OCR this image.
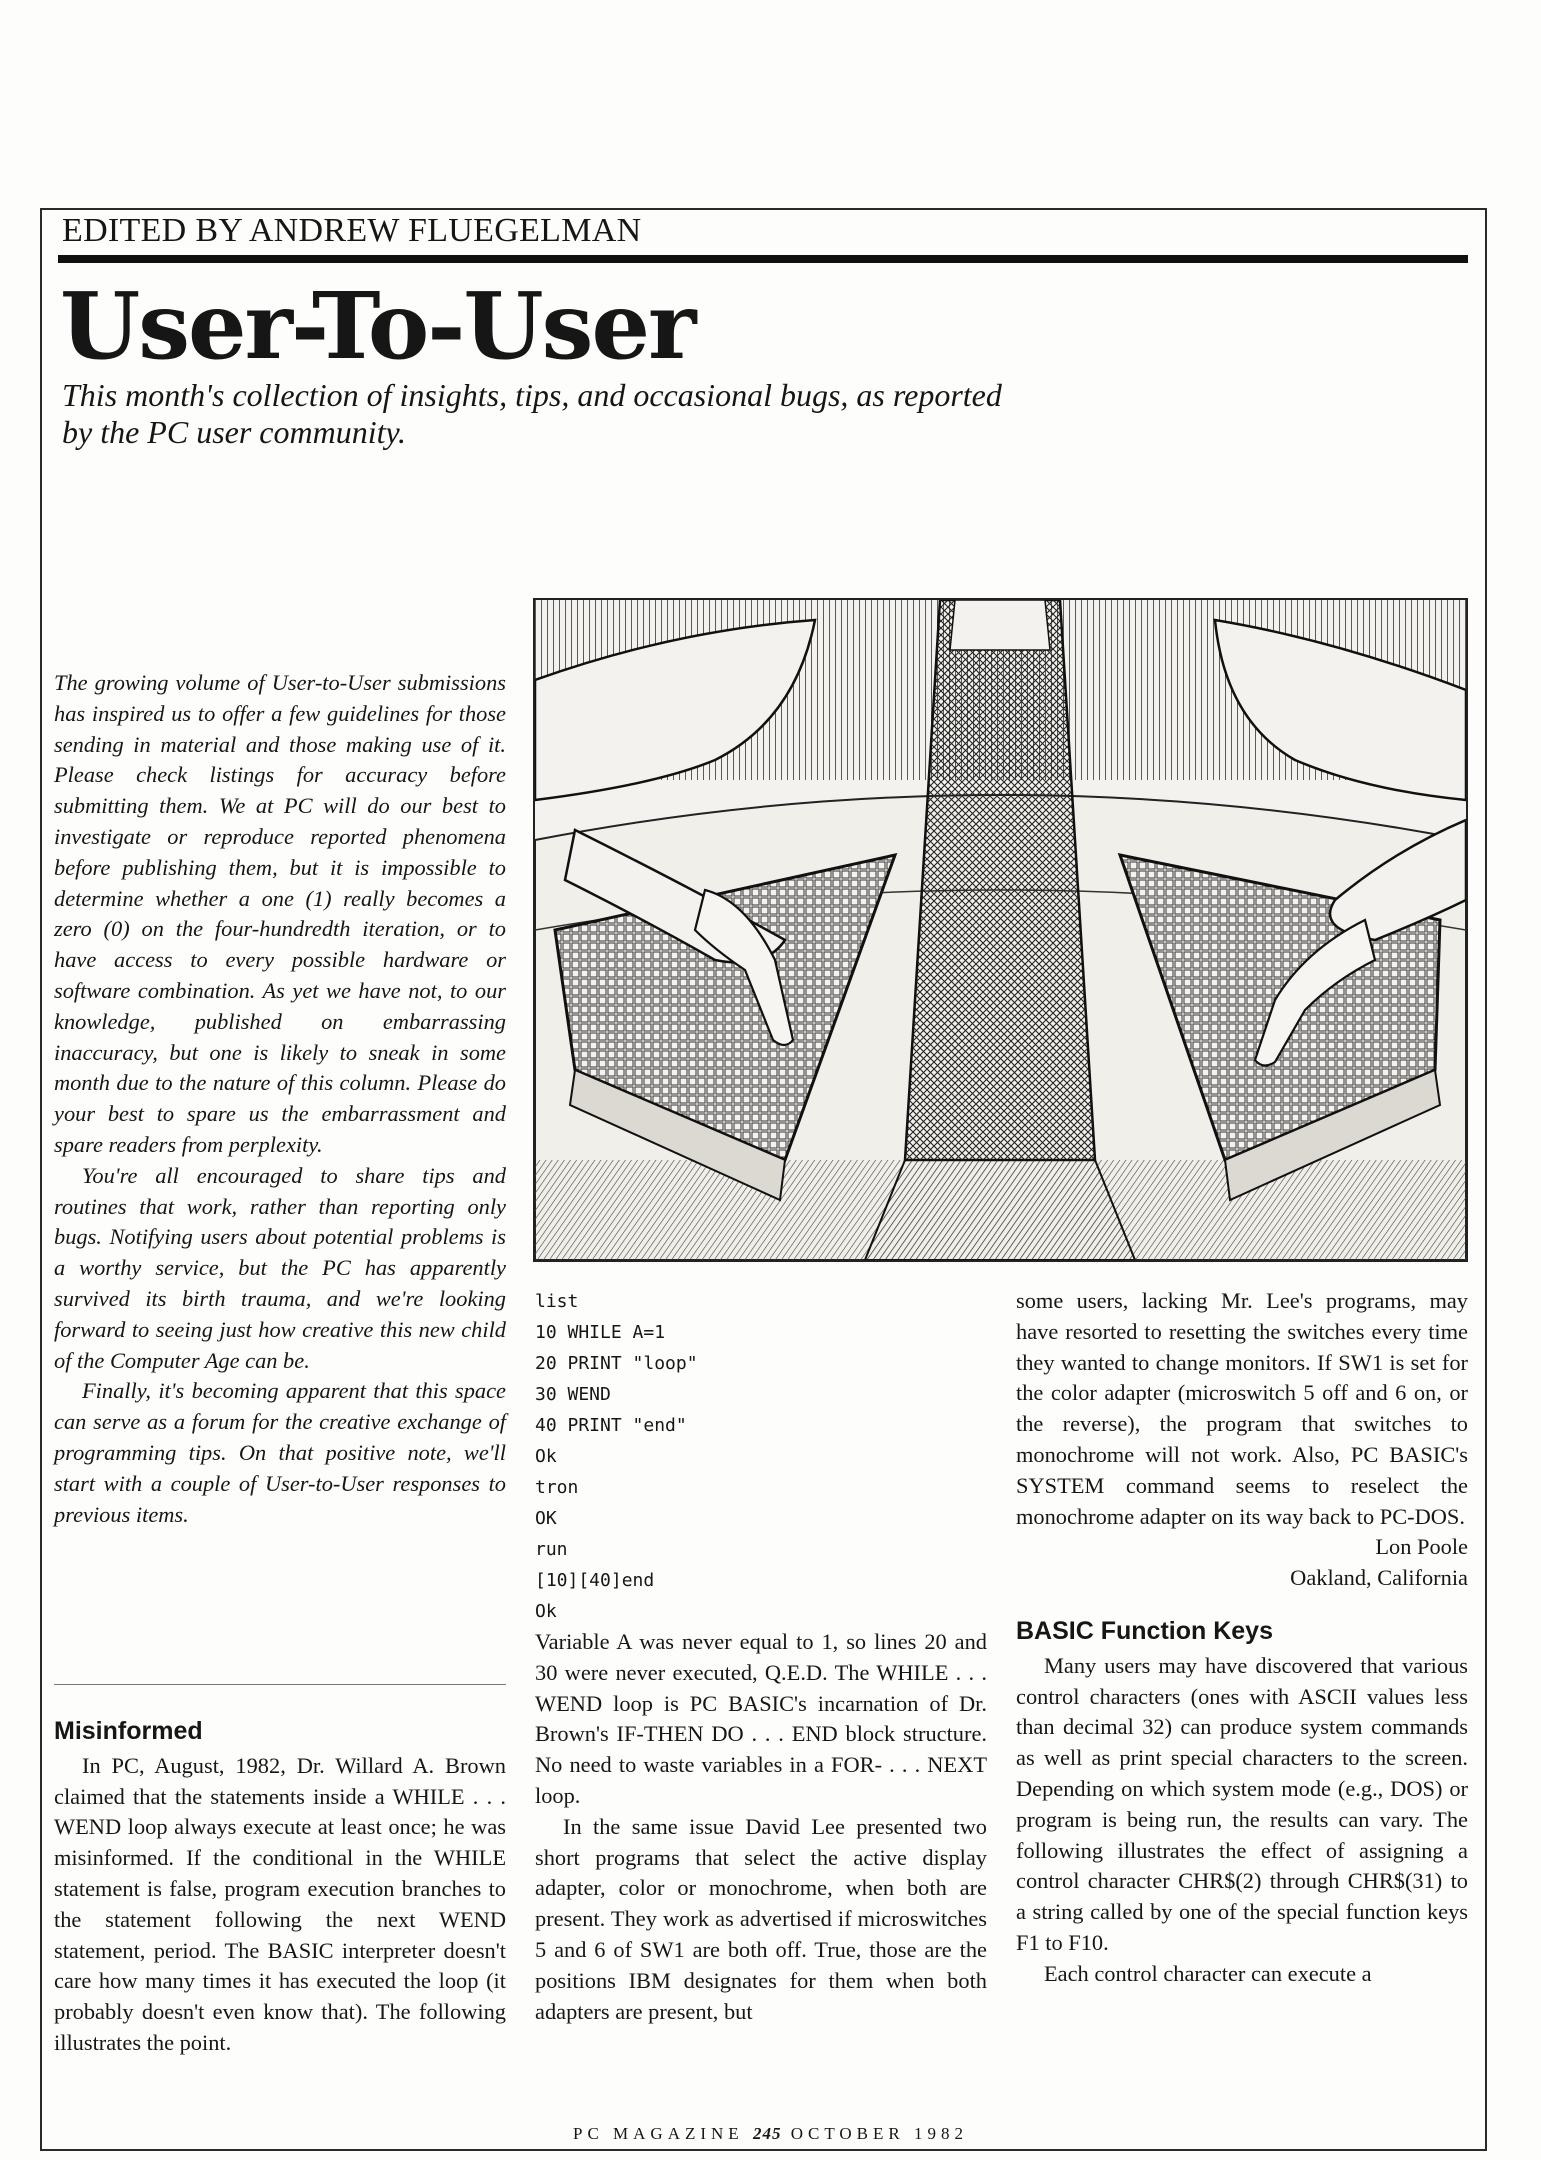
EDITED BY ANDREW FLUEGELMAN
User-To-User
This month's collection of insights, tips, and occasional bugs, as reported by the PC user community.

The growing volume of User-to-User submissions has inspired us to offer a few guidelines for those sending in material and those making use of it. Please check listings for accuracy before submitting them. We at PC will do our best to investigate or reproduce reported phenomena before publishing them, but it is impossible to determine whether a one (1) really becomes a zero (0) on the four-hundredth iteration, or to have access to every possible hardware or software combination. As yet we have not, to our knowledge, published on embarrassing inaccuracy, but one is likely to sneak in some month due to the nature of this column. Please do your best to spare us the embarrassment and spare readers from perplexity.

You're all encouraged to share tips and routines that work, rather than reporting only bugs. Notifying users about potential problems is a worthy service, but the PC has apparently survived its birth trauma, and we're looking forward to seeing just how creative this new child of the Computer Age can be.

Finally, it's becoming apparent that this space can serve as a forum for the creative exchange of programming tips. On that positive note, we'll start with a couple of User-to-User responses to previous items.

Misinformed

In PC, August, 1982, Dr. Willard A. Brown claimed that the statements inside a WHILE . . . WEND loop always execute at least once; he was misinformed. If the conditional in the WHILE statement is false, program execution branches to the statement following the next WEND statement, period. The BASIC interpreter doesn't care how many times it has executed the loop (it probably doesn't even know that). The following illustrates the point.

list
10 WHILE A=1
20 PRINT "loop"
30 WEND
40 PRINT "end"
Ok
tron
OK
run
[10][40]end
Ok

Variable A was never equal to 1, so lines 20 and 30 were never executed, Q.E.D. The WHILE . . . WEND loop is PC BASIC's incarnation of Dr. Brown's IF-THEN DO . . . END block structure. No need to waste variables in a FOR- . . . NEXT loop.

In the same issue David Lee presented two short programs that select the active display adapter, color or monochrome, when both are present. They work as advertised if microswitches 5 and 6 of SW1 are both off. True, those are the positions IBM designates for them when both adapters are present, but

some users, lacking Mr. Lee's programs, may have resorted to resetting the switches every time they wanted to change monitors. If SW1 is set for the color adapter (microswitch 5 off and 6 on, or the reverse), the program that switches to monochrome will not work. Also, PC BASIC's SYSTEM command seems to reselect the monochrome adapter on its way back to PC-DOS.

Lon Poole

Oakland, California

BASIC Function Keys

Many users may have discovered that various control characters (ones with ASCII values less than decimal 32) can produce system commands as well as print special characters to the screen. Depending on which system mode (e.g., DOS) or program is being run, the results can vary. The following illustrates the effect of assigning a control character CHR$(2) through CHR$(31) to a string called by one of the special function keys F1 to F10.

Each control character can execute a

PC MAGAZINE 245 OCTOBER 1982
